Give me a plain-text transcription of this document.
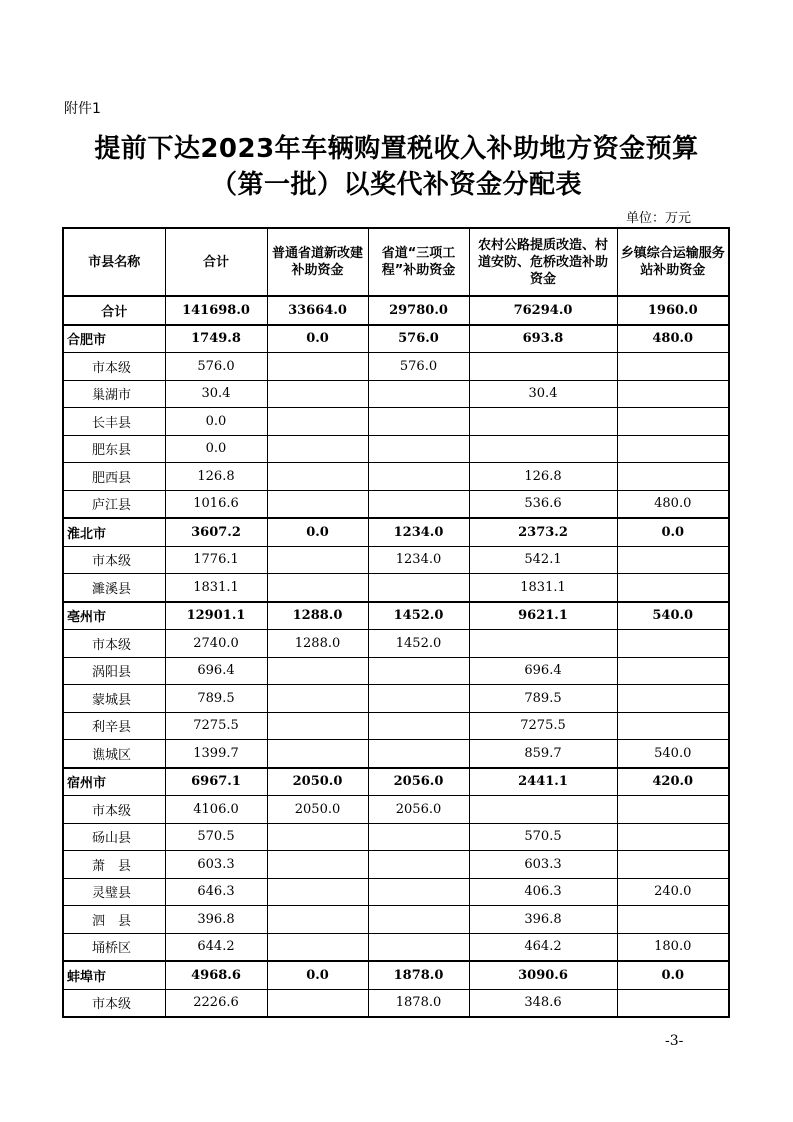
附件1
提前下达2023年车辆购置税收入补助地方资金预算
（第一批）以奖代补资金分配表
单位：万元
市县名称	合计	普通省道新改建补助资金	省道“三项工程”补助资金	农村公路提质改造、村道安防、危桥改造补助资金	乡镇综合运输服务站补助资金
合计	141698.0	33664.0	29780.0	76294.0	1960.0
合肥市	1749.8	0.0	576.0	693.8	480.0
市本级	576.0		576.0		
巢湖市	30.4			30.4	
长丰县	0.0				
肥东县	0.0				
肥西县	126.8			126.8	
庐江县	1016.6			536.6	480.0
淮北市	3607.2	0.0	1234.0	2373.2	0.0
市本级	1776.1		1234.0	542.1	
濉溪县	1831.1			1831.1	
亳州市	12901.1	1288.0	1452.0	9621.1	540.0
市本级	2740.0	1288.0	1452.0		
涡阳县	696.4			696.4	
蒙城县	789.5			789.5	
利辛县	7275.5			7275.5	
谯城区	1399.7			859.7	540.0
宿州市	6967.1	2050.0	2056.0	2441.1	420.0
市本级	4106.0	2050.0	2056.0		
砀山县	570.5			570.5	
萧　县	603.3			603.3	
灵璧县	646.3			406.3	240.0
泗　县	396.8			396.8	
埇桥区	644.2			464.2	180.0
蚌埠市	4968.6	0.0	1878.0	3090.6	0.0
市本级	2226.6		1878.0	348.6	
-3-
